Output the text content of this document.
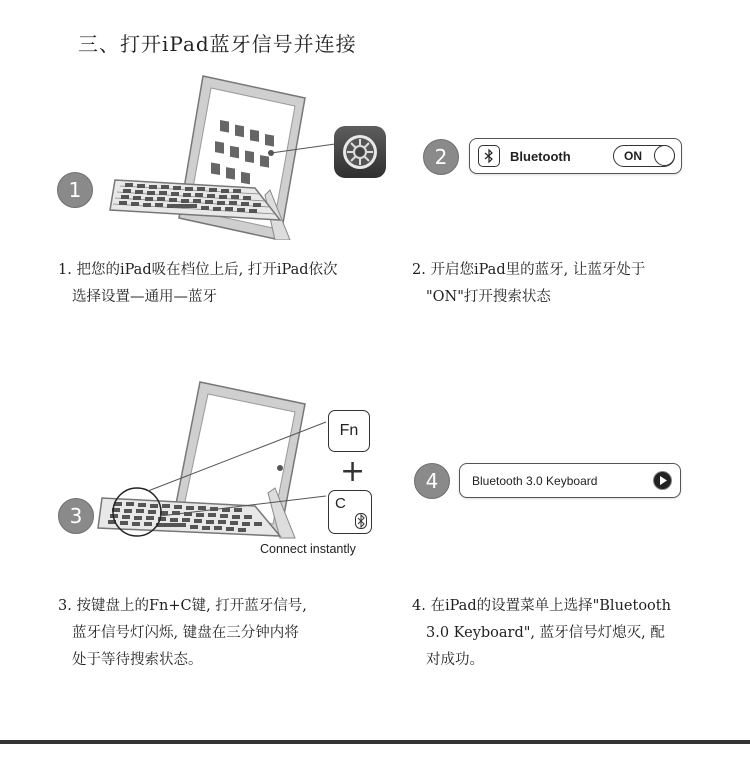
三、打开iPad蓝牙信号并连接
1
1. 把您的iPad吸在档位上后, 打开iPad依次
选择设置—通用—蓝牙
2	Bluetooth	ON
2. 开启您iPad里的蓝牙, 让蓝牙处于
"ON"打开搜索状态
3
Fn
+
C
Connect instantly
3. 按键盘上的Fn+C键, 打开蓝牙信号,
蓝牙信号灯闪烁, 键盘在三分钟内将
处于等待搜索状态。
4	Bluetooth 3.0 Keyboard
4. 在iPad的设置菜单上选择"Bluetooth
3.0 Keyboard", 蓝牙信号灯熄灭, 配
对成功。
